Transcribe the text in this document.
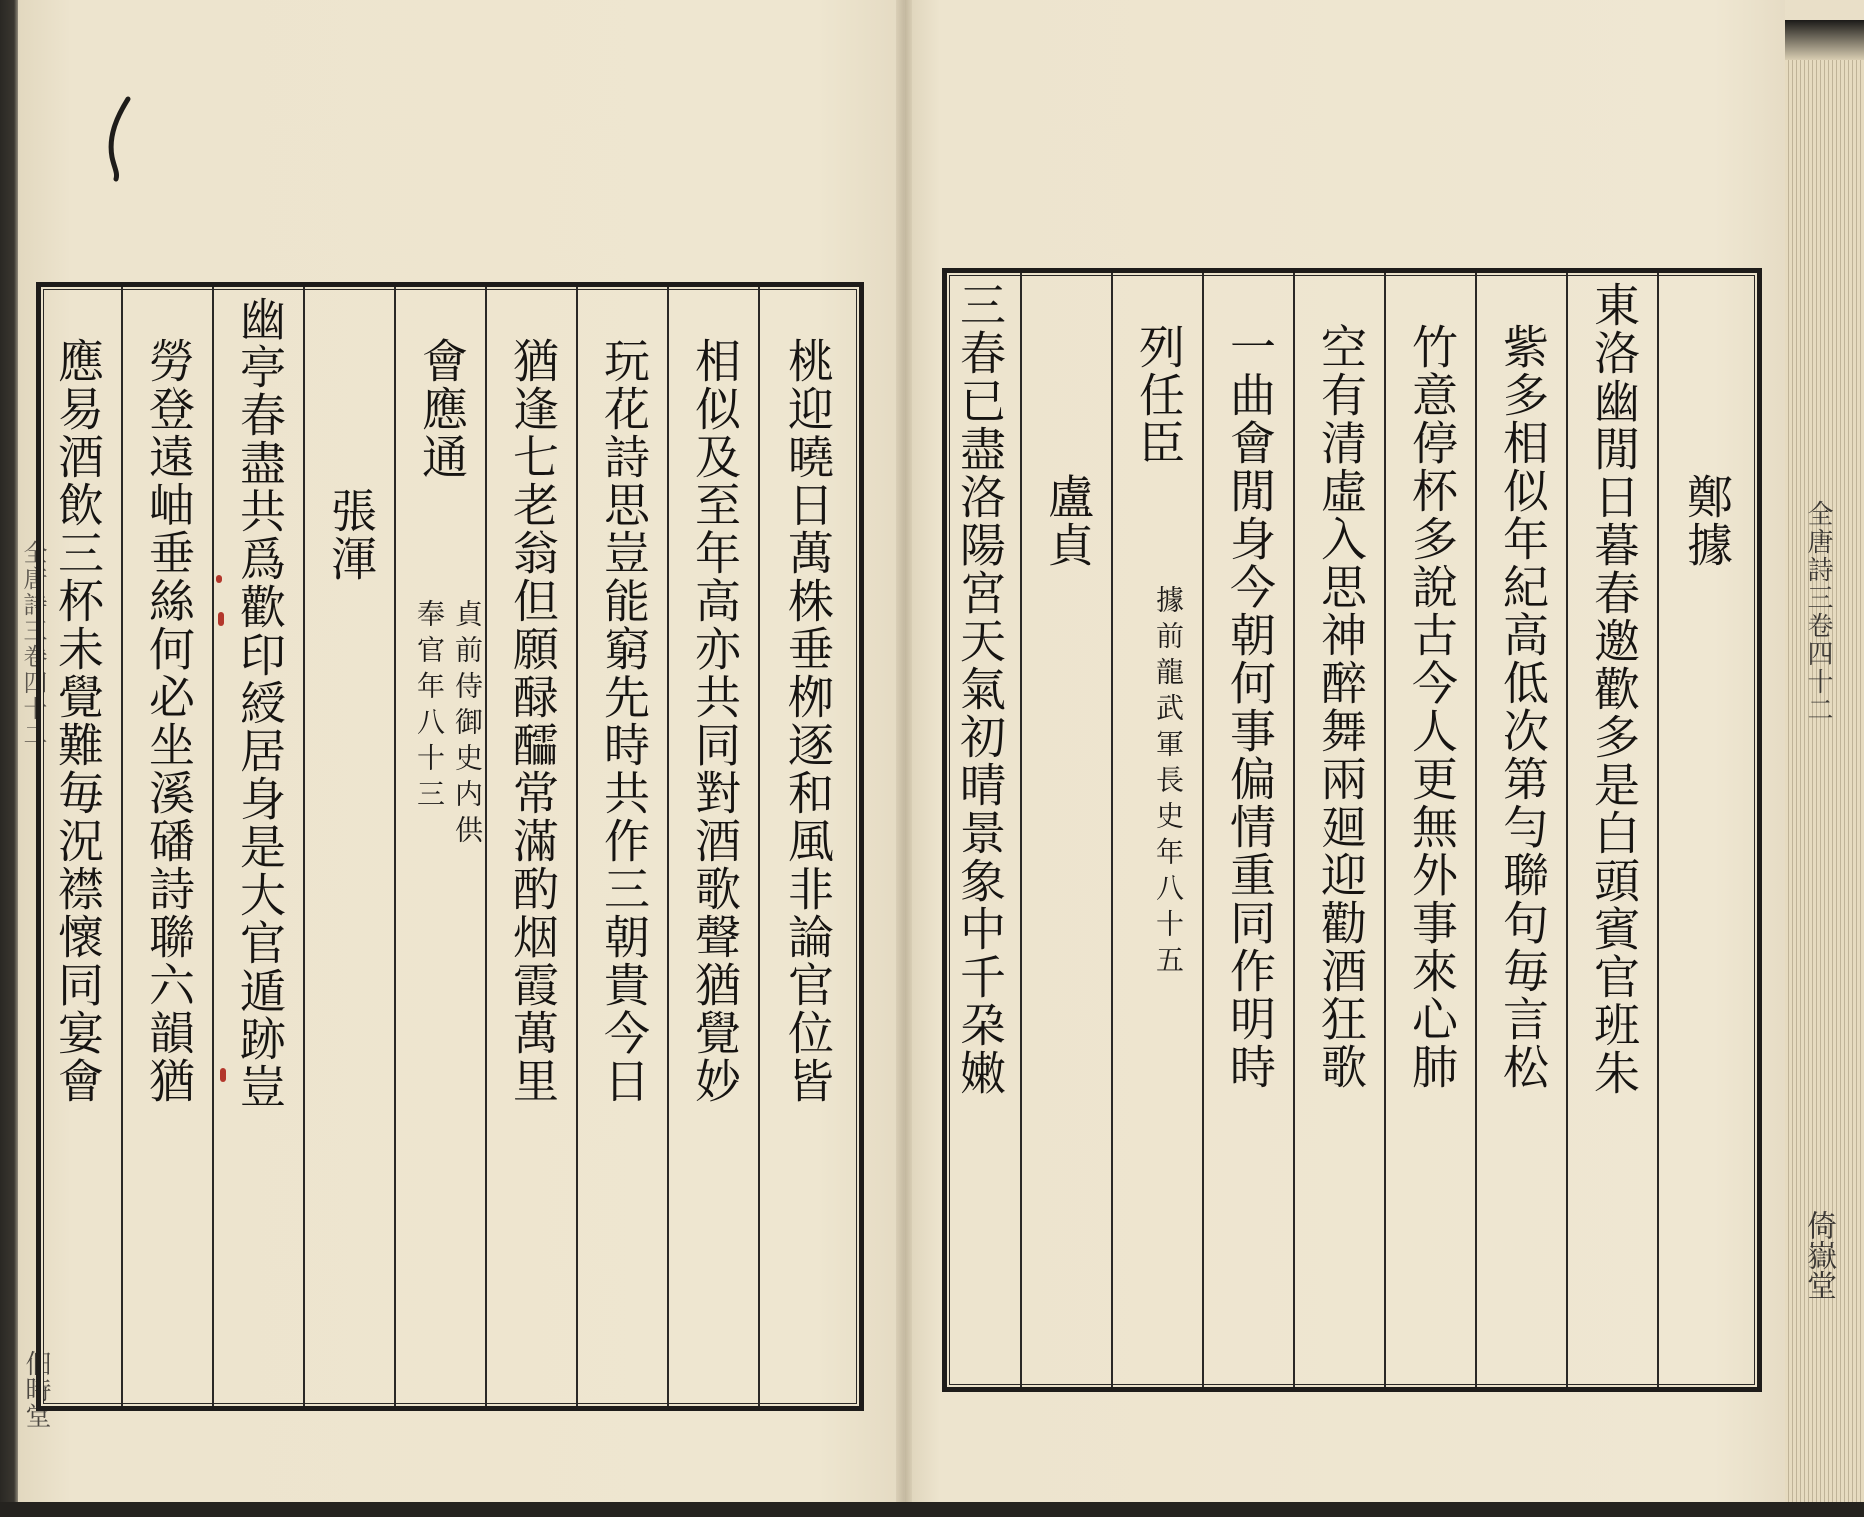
全唐詩三卷四十二
佃時堂
全唐詩三卷四十二
倚嶽堂
鄭據
東洛幽閒日暮春邀歡多是白頭賓官班朱
紫多相似年紀高低次第勻聯句毎言松
竹意停杯多說古今人更無外事來心肺
空有清虛入思神醉舞兩廻迎勸酒狂歌
一曲會閒身今朝何事偏情重同作明時
列任臣
據前龍武軍長史年八十五
盧貞
三春已盡洛陽宮天氣初晴景象中千朶嫩
桃迎曉日萬株垂栁逐和風非論官位皆
相似及至年高亦共同對酒歌聲猶覺妙
玩花詩思豈能窮先時共作三朝貴今日
猶逢七老翁但願醁醽常滿酌烟霞萬里
會應通
貞前侍御史内供
奉官年八十三
張渾
幽亭春盡共爲歡印綬居身是大官遁跡豈
勞登遠岫垂絲何必坐溪磻詩聯六韻猶
應易酒飲三杯未覺難毎況襟懷同宴會
